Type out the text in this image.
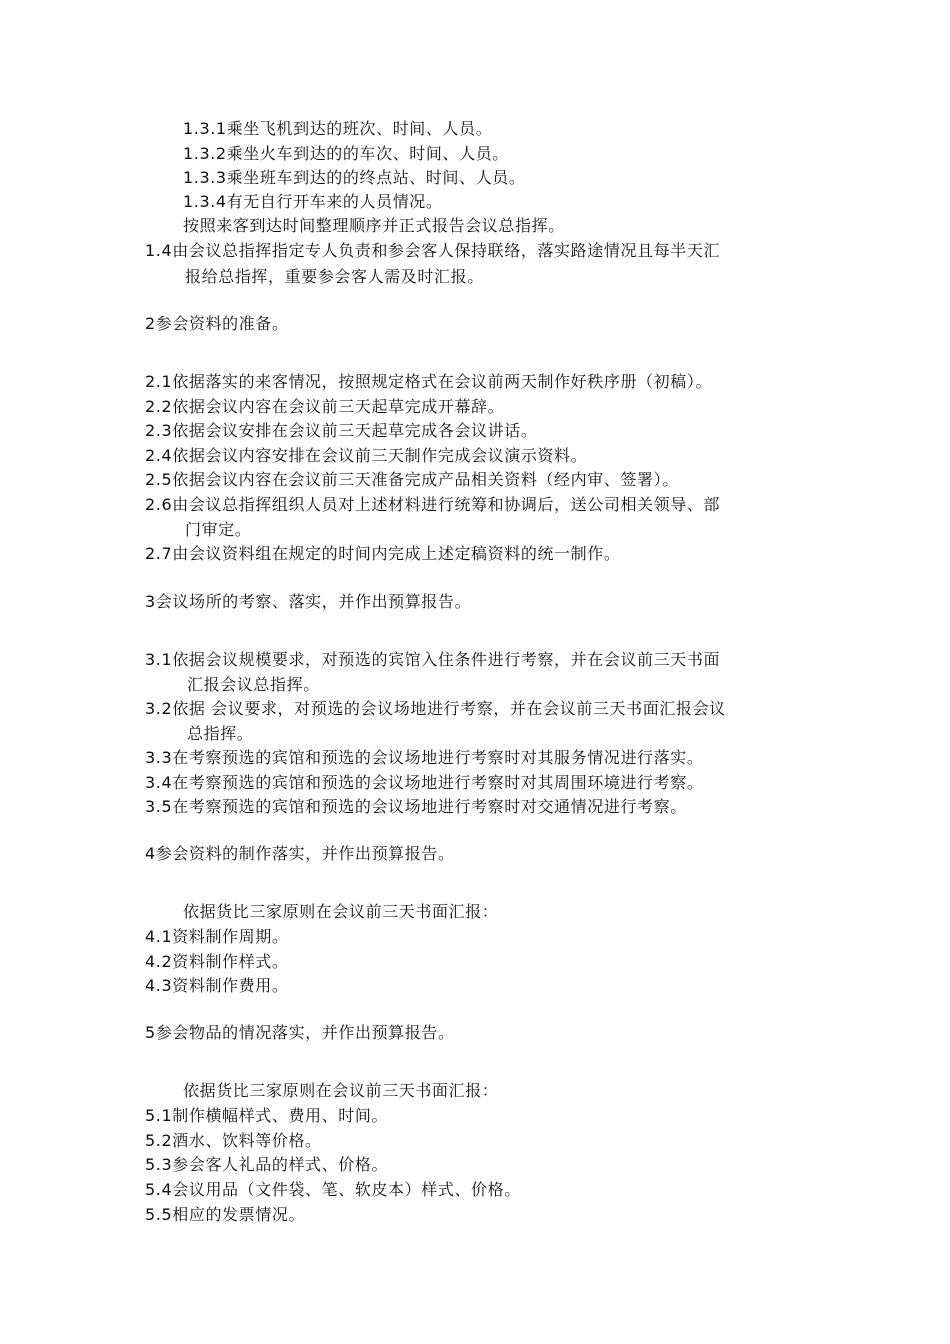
1.3.1乘坐飞机到达的班次、时间、人员。
1.3.2乘坐火车到达的的车次、时间、人员。
1.3.3乘坐班车到达的的终点站、时间、人员。
1.3.4有无自行开车来的人员情况。
按照来客到达时间整理顺序并正式报告会议总指挥。
1.4由会议总指挥指定专人负责和参会客人保持联络，落实路途情况且每半天汇
报给总指挥，重要参会客人需及时汇报。
2参会资料的准备。
2.1依据落实的来客情况，按照规定格式在会议前两天制作好秩序册（初稿）。
2.2依据会议内容在会议前三天起草完成开幕辞。
2.3依据会议安排在会议前三天起草完成各会议讲话。
2.4依据会议内容安排在会议前三天制作完成会议演示资料。
2.5依据会议内容在会议前三天准备完成产品相关资料（经内审、签署）。
2.6由会议总指挥组织人员对上述材料进行统筹和协调后，送公司相关领导、部
门审定。
2.7由会议资料组在规定的时间内完成上述定稿资料的统一制作。
3会议场所的考察、落实，并作出预算报告。
3.1依据会议规模要求，对预选的宾馆入住条件进行考察，并在会议前三天书面
汇报会议总指挥。
3.2依据 会议要求，对预选的会议场地进行考察，并在会议前三天书面汇报会议
总指挥。
3.3在考察预选的宾馆和预选的会议场地进行考察时对其服务情况进行落实。
3.4在考察预选的宾馆和预选的会议场地进行考察时对其周围环境进行考察。
3.5在考察预选的宾馆和预选的会议场地进行考察时对交通情况进行考察。
4参会资料的制作落实，并作出预算报告。
依据货比三家原则在会议前三天书面汇报：
4.1资料制作周期。
4.2资料制作样式。
4.3资料制作费用。
5参会物品的情况落实，并作出预算报告。
依据货比三家原则在会议前三天书面汇报：
5.1制作横幅样式、费用、时间。
5.2酒水、饮料等价格。
5.3参会客人礼品的样式、价格。
5.4会议用品（文件袋、笔、软皮本）样式、价格。
5.5相应的发票情况。
